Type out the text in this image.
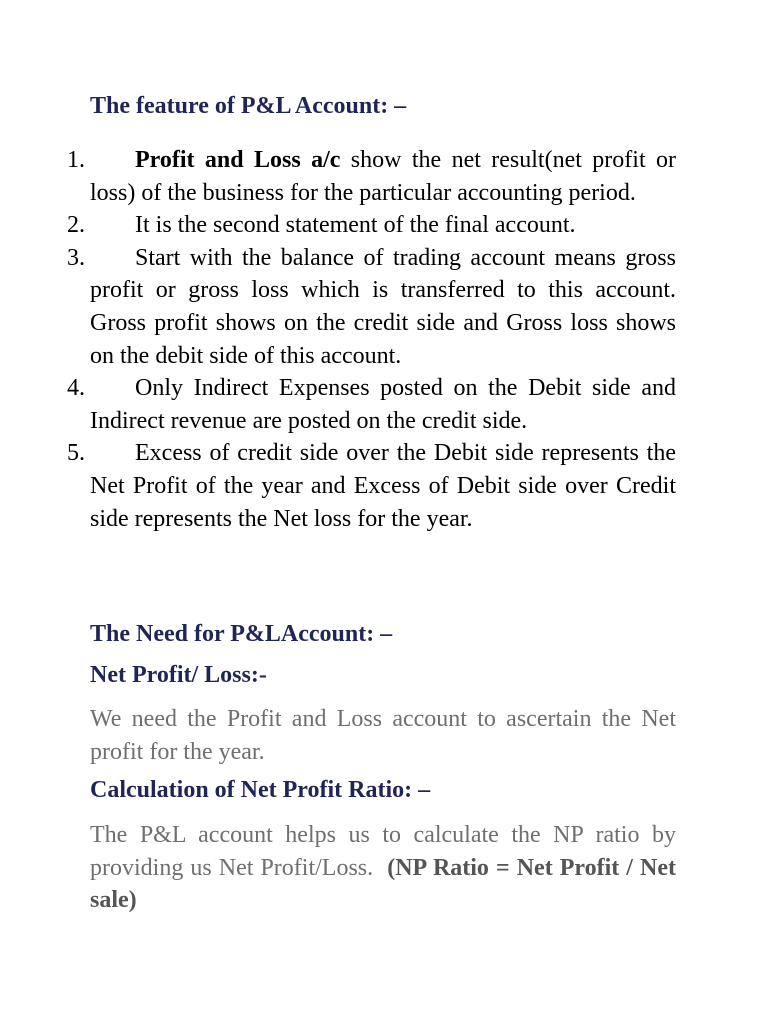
The feature of P&L Account: –
1. Profit and Loss a/c show the net result(net profit or loss) of the business for the particular accounting period.
2. It is the second statement of the final account.
3. Start with the balance of trading account means gross profit or gross loss which is transferred to this account. Gross profit shows on the credit side and Gross loss shows on the debit side of this account.
4. Only Indirect Expenses posted on the Debit side and Indirect revenue are posted on the credit side.
5. Excess of credit side over the Debit side represents the Net Profit of the year and Excess of Debit side over Credit side represents the Net loss for the year.
The Need for P&LAccount: –
Net Profit/ Loss:-
We need the Profit and Loss account to ascertain the Net profit for the year.
Calculation of Net Profit Ratio: –
The P&L account helps us to calculate the NP ratio by providing us Net Profit/Loss. (NP Ratio = Net Profit / Net sale)
